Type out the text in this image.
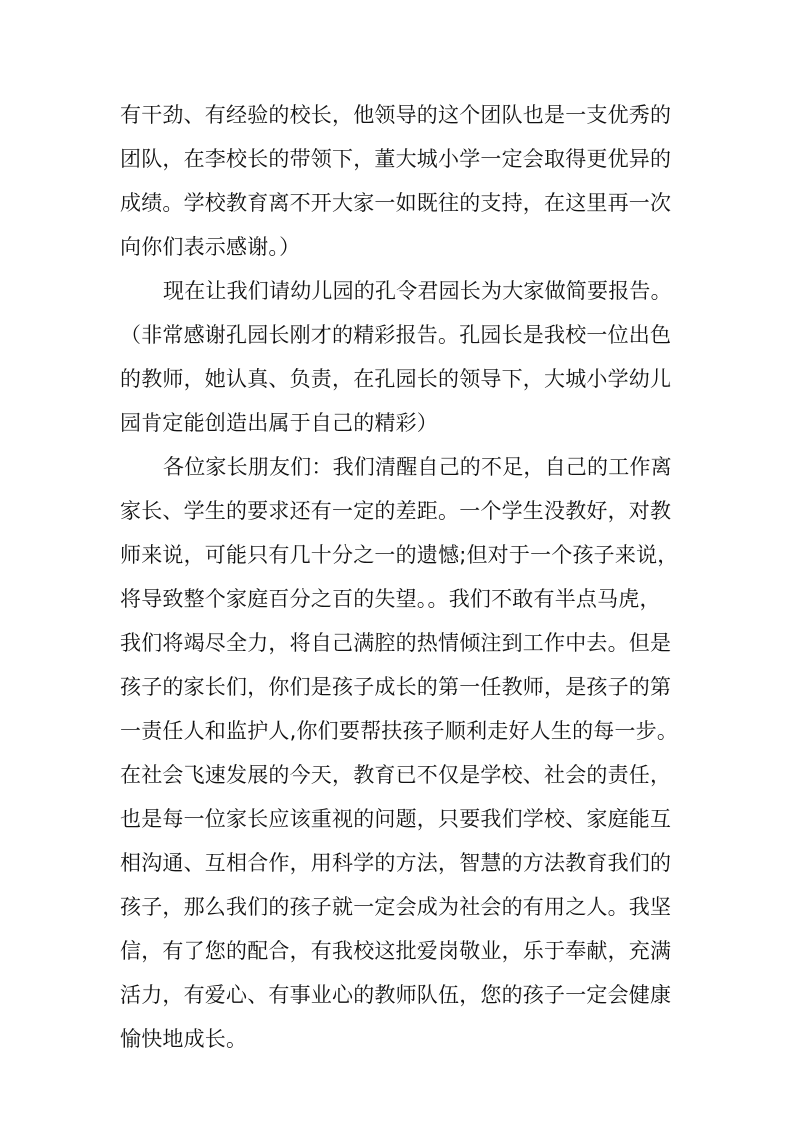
有干劲、有经验的校长，他领导的这个团队也是一支优秀的
团队，在李校长的带领下，董大城小学一定会取得更优异的
成绩。学校教育离不开大家一如既往的支持，在这里再一次
向你们表示感谢。）
现在让我们请幼儿园的孔令君园长为大家做简要报告。
（非常感谢孔园长刚才的精彩报告。孔园长是我校一位出色
的教师，她认真、负责，在孔园长的领导下，大城小学幼儿
园肯定能创造出属于自己的精彩）
各位家长朋友们：我们清醒自己的不足，自己的工作离
家长、学生的要求还有一定的差距。一个学生没教好，对教
师来说，可能只有几十分之一的遗憾;但对于一个孩子来说，
将导致整个家庭百分之百的失望。。我们不敢有半点马虎，
我们将竭尽全力，将自己满腔的热情倾注到工作中去。但是
孩子的家长们，你们是孩子成长的第一任教师，是孩子的第
一责任人和监护人,你们要帮扶孩子顺利走好人生的每一步。
在社会飞速发展的今天，教育已不仅是学校、社会的责任，
也是每一位家长应该重视的问题，只要我们学校、家庭能互
相沟通、互相合作，用科学的方法，智慧的方法教育我们的
孩子，那么我们的孩子就一定会成为社会的有用之人。我坚
信，有了您的配合，有我校这批爱岗敬业，乐于奉献，充满
活力，有爱心、有事业心的教师队伍，您的孩子一定会健康
愉快地成长。
